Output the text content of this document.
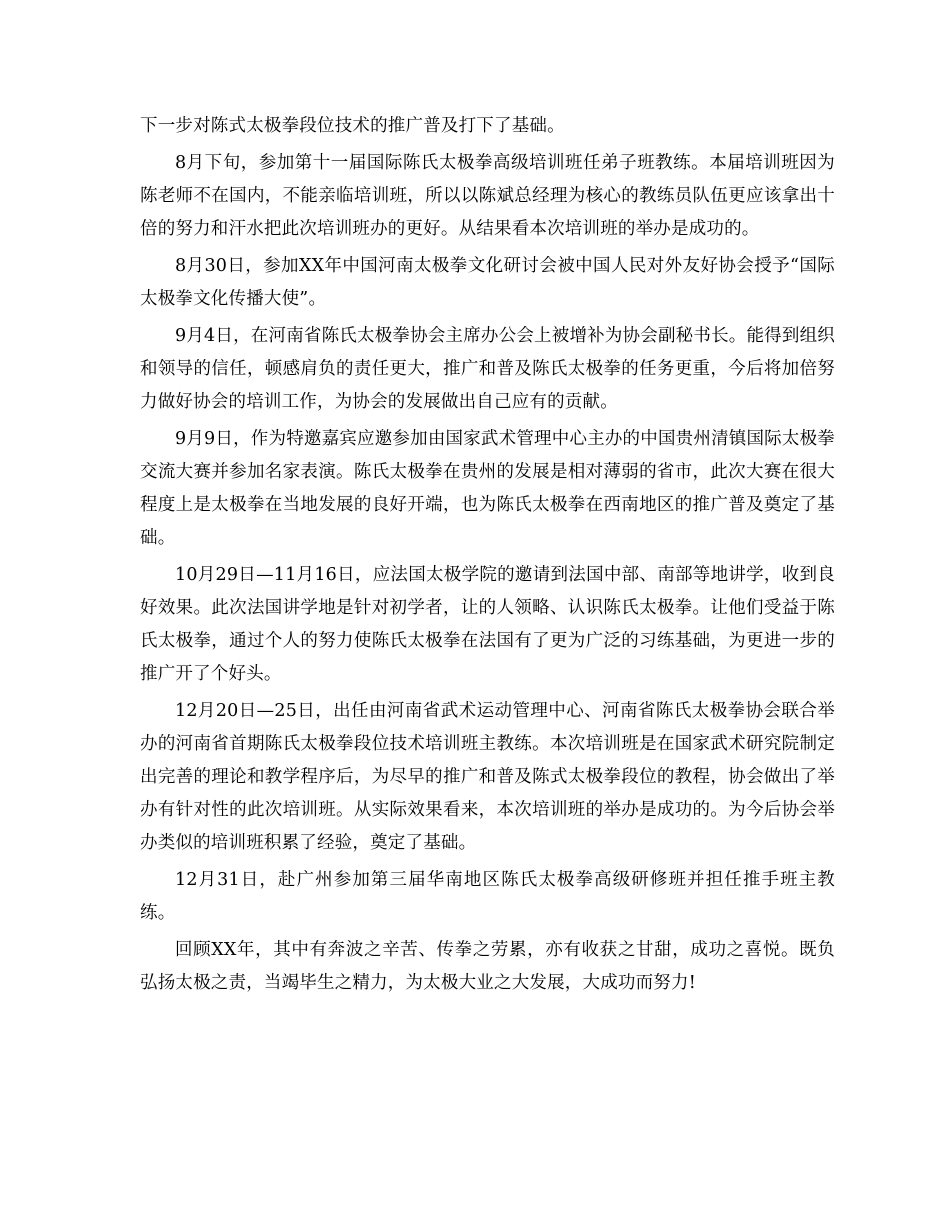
下一步对陈式太极拳段位技术的推广普及打下了基础。

8月下旬，参加第十一届国际陈氏太极拳高级培训班任弟子班教练。本届培训班因为陈老师不在国内，不能亲临培训班，所以以陈斌总经理为核心的教练员队伍更应该拿出十倍的努力和汗水把此次培训班办的更好。从结果看本次培训班的举办是成功的。

8月30日，参加XX年中国河南太极拳文化研讨会被中国人民对外友好协会授予“国际太极拳文化传播大使”。

9月4日，在河南省陈氏太极拳协会主席办公会上被增补为协会副秘书长。能得到组织和领导的信任，顿感肩负的责任更大，推广和普及陈氏太极拳的任务更重，今后将加倍努力做好协会的培训工作，为协会的发展做出自己应有的贡献。

9月9日，作为特邀嘉宾应邀参加由国家武术管理中心主办的中国贵州清镇国际太极拳交流大赛并参加名家表演。陈氏太极拳在贵州的发展是相对薄弱的省市，此次大赛在很大程度上是太极拳在当地发展的良好开端，也为陈氏太极拳在西南地区的推广普及奠定了基础。

10月29日—11月16日，应法国太极学院的邀请到法国中部、南部等地讲学，收到良好效果。此次法国讲学地是针对初学者，让的人领略、认识陈氏太极拳。让他们受益于陈氏太极拳，通过个人的努力使陈氏太极拳在法国有了更为广泛的习练基础，为更进一步的推广开了个好头。

12月20日—25日，出任由河南省武术运动管理中心、河南省陈氏太极拳协会联合举办的河南省首期陈氏太极拳段位技术培训班主教练。本次培训班是在国家武术研究院制定出完善的理论和教学程序后，为尽早的推广和普及陈式太极拳段位的教程，协会做出了举办有针对性的此次培训班。从实际效果看来，本次培训班的举办是成功的。为今后协会举办类似的培训班积累了经验，奠定了基础。

12月31日，赴广州参加第三届华南地区陈氏太极拳高级研修班并担任推手班主教练。

回顾XX年，其中有奔波之辛苦、传拳之劳累，亦有收获之甘甜，成功之喜悦。既负弘扬太极之责，当竭毕生之精力，为太极大业之大发展，大成功而努力!
